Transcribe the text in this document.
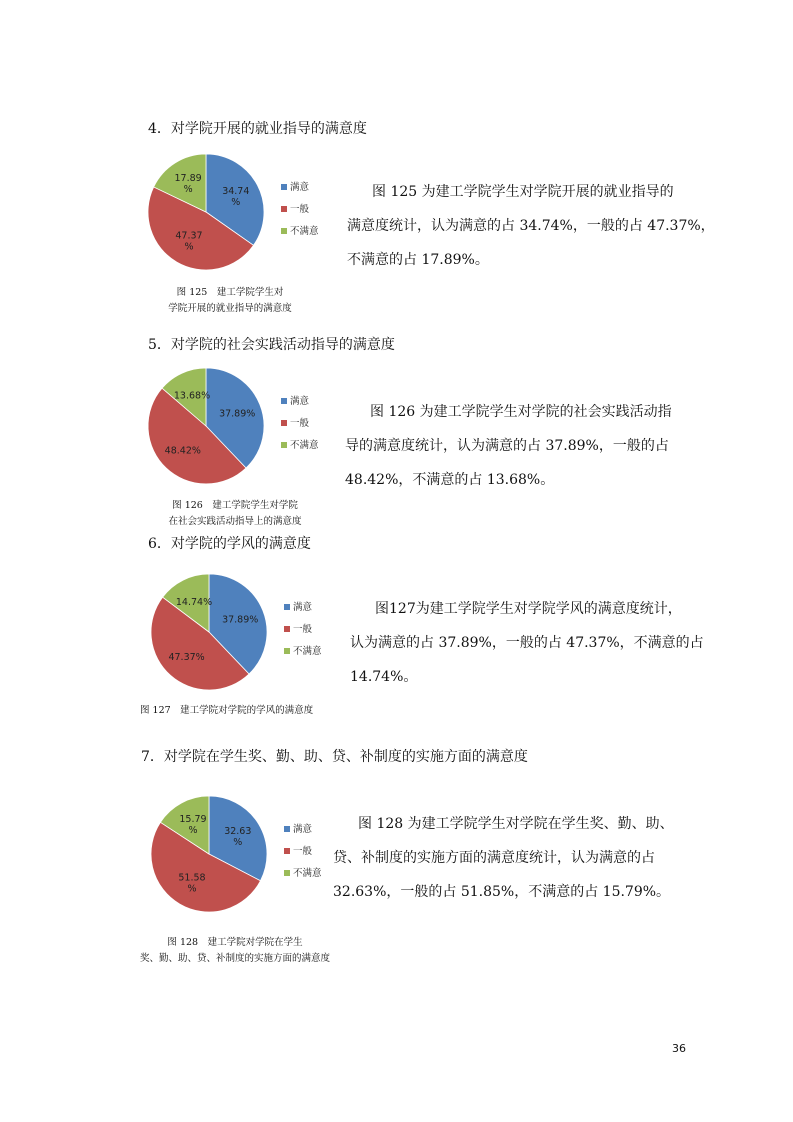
4．对学院开展的就业指导的满意度
34.74 %
47.37 %
17.89 %	满意
一般
不满意

图 125 为建工学院学生对学院开展的就业指导的

满意度统计，认为满意的占 34.74%，一般的占 47.37%，

不满意的占 17.89%。

图 125　建工学院学生对
学院开展的就业指导的满意度
5．对学院的社会实践活动指导的满意度
37.89%
48.42%
13.68%
满意
一般
不满意

图 126 为建工学院学生对学院的社会实践活动指

导的满意度统计，认为满意的占 37.89%，一般的占

48.42%，不满意的占 13.68%。

图 126　建工学院学生对学院
在社会实践活动指导上的满意度
6．对学院的学风的满意度
37.89%
47.37%
14.74%	满意
一般
不满意

图127为建工学院学生对学院学风的满意度统计，

认为满意的占 37.89%，一般的占 47.37%，不满意的占

14.74%。

图 127　建工学院对学院的学风的满意度
7．对学院在学生奖、勤、助、贷、补制度的实施方面的满意度
32.63 %
51.58 %
15.79 %	满意
一般
不满意

图 128 为建工学院学生对学院在学生奖、勤、助、

贷、补制度的实施方面的满意度统计，认为满意的占

32.63%，一般的占 51.85%，不满意的占 15.79%。

图 128　建工学院对学院在学生
奖、勤、助、贷、补制度的实施方面的满意度
36
